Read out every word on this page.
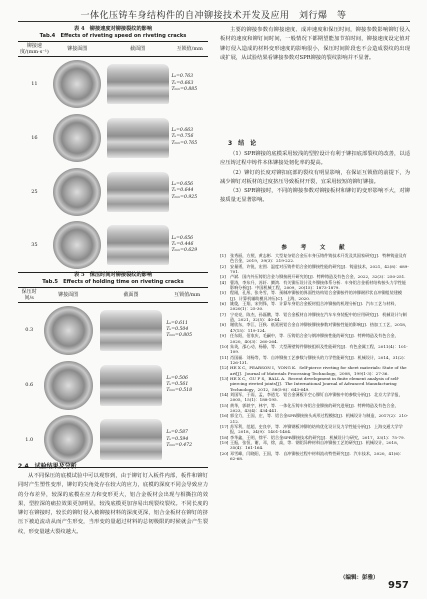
一体化压铸车身结构件的自冲铆接技术开发及应用　刘行爆　等
表 4　铆接速度对铆接裂纹的影响
Tab.4　Effects of riveting speed on riveting cracks
铆接速度/(mm·s⁻¹)	铆接面图	截面图	互锁值/mm
11			Lₛ=0.763
Tᵤ=0.663
Tₘᵢₙ=0.885

16			Lₛ=0.663
Tᵤ=0.756
Tₘᵢₙ=0.765

25			Lₛ=0.656
Tᵤ=0.644
Tₘᵢₙ=0.925

35			Lₛ=0.656
Tᵤ=0.446
Tₘᵢₙ=0.629
表 5　保压时间对铆接裂纹的影响
Tab.5　Effects of holding time on riveting cracks
保压时间/s	铆接面图	截面图	互锁值/mm
0.3			Lₛ=0.611
Tᵤ=0.504
Tₘᵢₙ=0.805

0.6			Lₛ=0.506
Tᵤ=0.561
Tₘᵢₙ=0.518

1.0			Lₛ=0.587
Tᵤ=0.594
Tₘᵢₙ=0.472
2.4　试验结果及分析

从不同保压的底模试验中可以观察到，由于铆钉钉入板件内部，板件和铆钉同时产生塑性变形，铆钉的尖角处存在较大的应力，底模的深度不同会导致应力的分布差异，较深的底模在应力和变形更大，铝合金板材会出现与相撕拉的效果，型腔深的痛拉效果更加明显，较浅底模更加容易出现裂纹裂纹。不同长度的铆钉在铆接时，较长的铆钉侵入被铆接材料的深度更深，铝合金板材在铆钉的挤压下被迫流动从而产生形变，当形变的量超过材料的总韧极限的时候就会产生裂纹，形变量越大裂纹越大。

主要的铆接参数有铆接速度、成冲速度和保压时间，铆接参数影响铆钉侵入板材的速度和铆钉间时间，一般情况下都期望能加节拍时间，铆接速度设定值对铆钉侵入造成的材料变形速度的影响很小，保压时间阶段也不会造成裂纹的出现或扩展，从试验结果看铆接参数对SPR铆接的裂纹影响并不显著。

3　结　论

（1）SPR铆接的底模采用较浅的型腔设计有利于铆扣底部裂纹的改善，以适应压铸过程中铸件本体铆接处韧化率的提高。

（2）铆钉的长度对铆扣底部的裂纹有明显影响，在保证互锁值的前提下，为减少铆钉对板材的过度挤压导致板材开裂，宜采用较短的铆钉铆接。

（3）SPR铆接时，不同的铆接参数对铆接板材和铆钉的变形影响不大，对铆接质量无显著影响。

参　考　文　献
[1]	张秀丽，方照，黄志彬．大型复杂铝合金压车身压铸件铸技术开发及其国家研究[J]．特种铸造及有色合金，2019，39(3)：219-222.
[2]	安量勇，许锐，宏图．温度对压铸件铝合金的铆接性能的研究[J]．铸造技术，2021，42(8)：689-701.
[3]	卢斌．国内外压铸铝合金与铆接展开研究的[J]．特种铸造及有色合金，2022，32(3)：250-251.
[4]	曹涛，李东升，苏轩．腾鸿．有关铆压设计及多铆接体系分析．车身铝合金板材结构接头力学性能影响分析[J]．中国机械工程，2009，20(15)：1873-1879.
[5]	程刚，孔彤，张冬雪，等．预制冲铆接的界面性结构铝合金铆接件的冲铆耐形状自冲铆组装建模[J]．计算机辅助模具冲压[C]．上海，2020.
[6]	姚俊，王翔，宋剑锋，等．计算车身铝合金板材组合冲铆接的机理分析[J]．汽车工艺与材料，2020(1)：25-30.
[7]	宁亮亮，陈杰，孙磊鹏，等．铝合金板材自冲铆接在汽车车身装配中的应用研究[J]．机械设计与制造，2021，32(5)：40-44.
[8]	谢欣东，李江，汪秋．低延展铝合金自冲铆接铆接参数对铆接性能的影响[J]．热加工工艺，2018，47(15)：119-124.
[9]	任东阳，佰家庆，毛嗣中，等．压铸铝合金与钢冲铆接性能的研究[J]．特种铸造及有色合金，2020，40(3)：260-264.
[10] 朱英，邵心动，杨静，等．大型薄壁铸件铆接组织及性能研究[J]．有色金属工程，2011(4)：101-109.
[11] 肖国福．刘杨等，等．自冲铆接工艺参数与铆接头的力学性能研究[J]．机械设计，2014，31(2)：126-131.
[12] HE X C，PEARSON I，YONG K．Self-pierce riveting for sheet materials: State of the art[J]．Journal of Materials Processing Technology，2008，199(1-3)：27-36.
[13] HE X C，GU F S，BALL A．Recent development in finite element analysis of self-piercing riveted joints[J]．The International Journal of Advanced Manufacturing Technology，2012，58(5-8)：643-649.
[14] 刘国军，于雨，孟，李道尤．铝合金薄板半空心铆钉自冲铆接中的参数分析[J]．北京大学学报，2005，15(1)：188-195.
[15] 黄华，郭轶宇，林宇，等．一体化压铸车身铝合金铆接的研究进展[J]．特种铸造及有色合金，2023，43(4)：434-441.
[16] 郭全力，王国，庄，等．铝合金SPR铆接接头成形过程模拟[J]．机械设计与制造，2017(2)：210-212.
[17] 苏军利，范超，史良亭，等．冲铆钢板冲铆的结构优化设计及力学性能分析[J]．上海交通大学学报，2018，34(9)：1401-1404.
[18] 李华鑫，王明，徐平．铝合金SPR铆接技术的研究[J]．机械设计与研究，2017，33(1)：75-79.
[19] 王振，张恒，谢，邓，徐，高，等．钢铝异种材料自冲铆接工艺的研究[J]．机械设计，2018，35(4)：161-164.
[20] 邓雪峰，闫晓阳，王国，等．自冲铆接过程中材料流动特性研究[J]．汽车技术，2020，41(6)：62-68.
（编辑：彭雅）
957
